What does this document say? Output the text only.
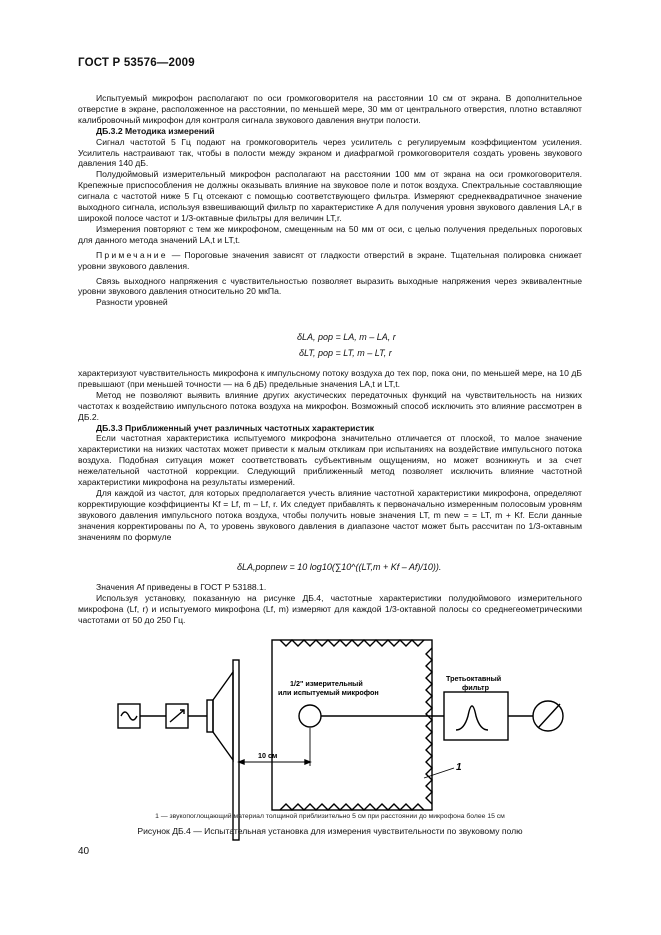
ГОСТ Р 53576—2009

Испытуемый микрофон располагают по оси громкоговорителя на расстоянии 10 см от экрана. В дополнительное отверстие в экране, расположенное на расстоянии, по меньшей мере, 30 мм от центрального отверстия, плотно вставляют калибровочный микрофон для контроля сигнала звукового давления внутри полости.

ДБ.3.2 Методика измерений

Сигнал частотой 5 Гц подают на громкоговоритель через усилитель с регулируемым коэффициентом усиления. Усилитель настраивают так, чтобы в полости между экраном и диафрагмой громкоговорителя создать уровень звукового давления 140 дБ.

Полудюймовый измерительный микрофон располагают на расстоянии 100 мм от экрана на оси громкоговорителя. Крепежные приспособления не должны оказывать влияние на звуковое поле и поток воздуха. Спектральные составляющие сигнала с частотой ниже 5 Гц отсекают с помощью соответствующего фильтра. Измеряют среднеквадратичное значение выходного сигнала, используя взвешивающий фильтр по характеристике A для получения уровня звукового давления LA,r в широкой полосе частот и 1/3-октавные фильтры для величин LT,r.

Измерения повторяют с тем же микрофоном, смещенным на 50 мм от оси, с целью получения предельных пороговых для данного метода значений LA,t и LT,t.

Примечание — Пороговые значения зависят от гладкости отверстий в экране. Тщательная полировка снижает уровни звукового давления.

Связь выходного напряжения с чувствительностью позволяет выразить выходные напряжения через эквивалентные уровни звукового давления относительно 20 мкПа.

Разности уровней

δLA, pop = LA, m – LA, r
δLT, pop = LT, m – LT, r

характеризуют чувствительность микрофона к импульсному потоку воздуха до тех пор, пока они, по меньшей мере, на 10 дБ превышают (при меньшей точности — на 6 дБ) предельные значения LA,t и LT,t.

Метод не позволяют выявить влияние других акустических передаточных функций на чувствительность на низких частотах к воздействию импульсного потока воздуха на микрофон. Возможный способ исключить это влияние рассмотрен в ДБ.2.

ДБ.3.3 Приближенный учет различных частотных характеристик

Если частотная характеристика испытуемого микрофона значительно отличается от плоской, то малое значение характеристики на низких частотах может привести к малым откликам при испытаниях на воздействие импульсного потока воздуха. Подобная ситуация может соответствовать субъективным ощущениям, но может возникнуть и за счет нежелательной частотной коррекции. Следующий приближенный метод позволяет исключить влияние частотной характеристики микрофона на результаты измерений.

Для каждой из частот, для которых предполагается учесть влияние частотной характеристики микрофона, определяют корректирующие коэффициенты Kf = Lf, m – Lf, r. Их следует прибавлять к первоначально измеренным полосовым уровням звукового давления импульсного потока воздуха, чтобы получить новые значения LT, m new = = LT, m + Kf. Если данные значения корректированы по A, то уровень звукового давления в диапазоне частот может быть рассчитан по 1/3-октавным значениям по формуле

δLA,popnew = 10 log10(∑10^((LT,m + Kf – Af)/10)).

Значения Af приведены в ГОСТ Р 53188.1.

Используя установку, показанную на рисунке ДБ.4, частотные характеристики полудюймового измерительного микрофона (Lf, r) и испытуемого микрофона (Lf, m) измеряют для каждой 1/3-октавной полосы со среднегеометрическими частотами от 50 до 250 Гц.

1/2" измерительный
или испытуемый микрофон
Третьоктавный
фильтр
10 см
1
1 — звукопоглощающий материал толщиной приблизительно 5 см при расстоянии до микрофона более 15 см
Рисунок ДБ.4 — Испытательная установка для измерения чувствительности по звуковому полю
40
